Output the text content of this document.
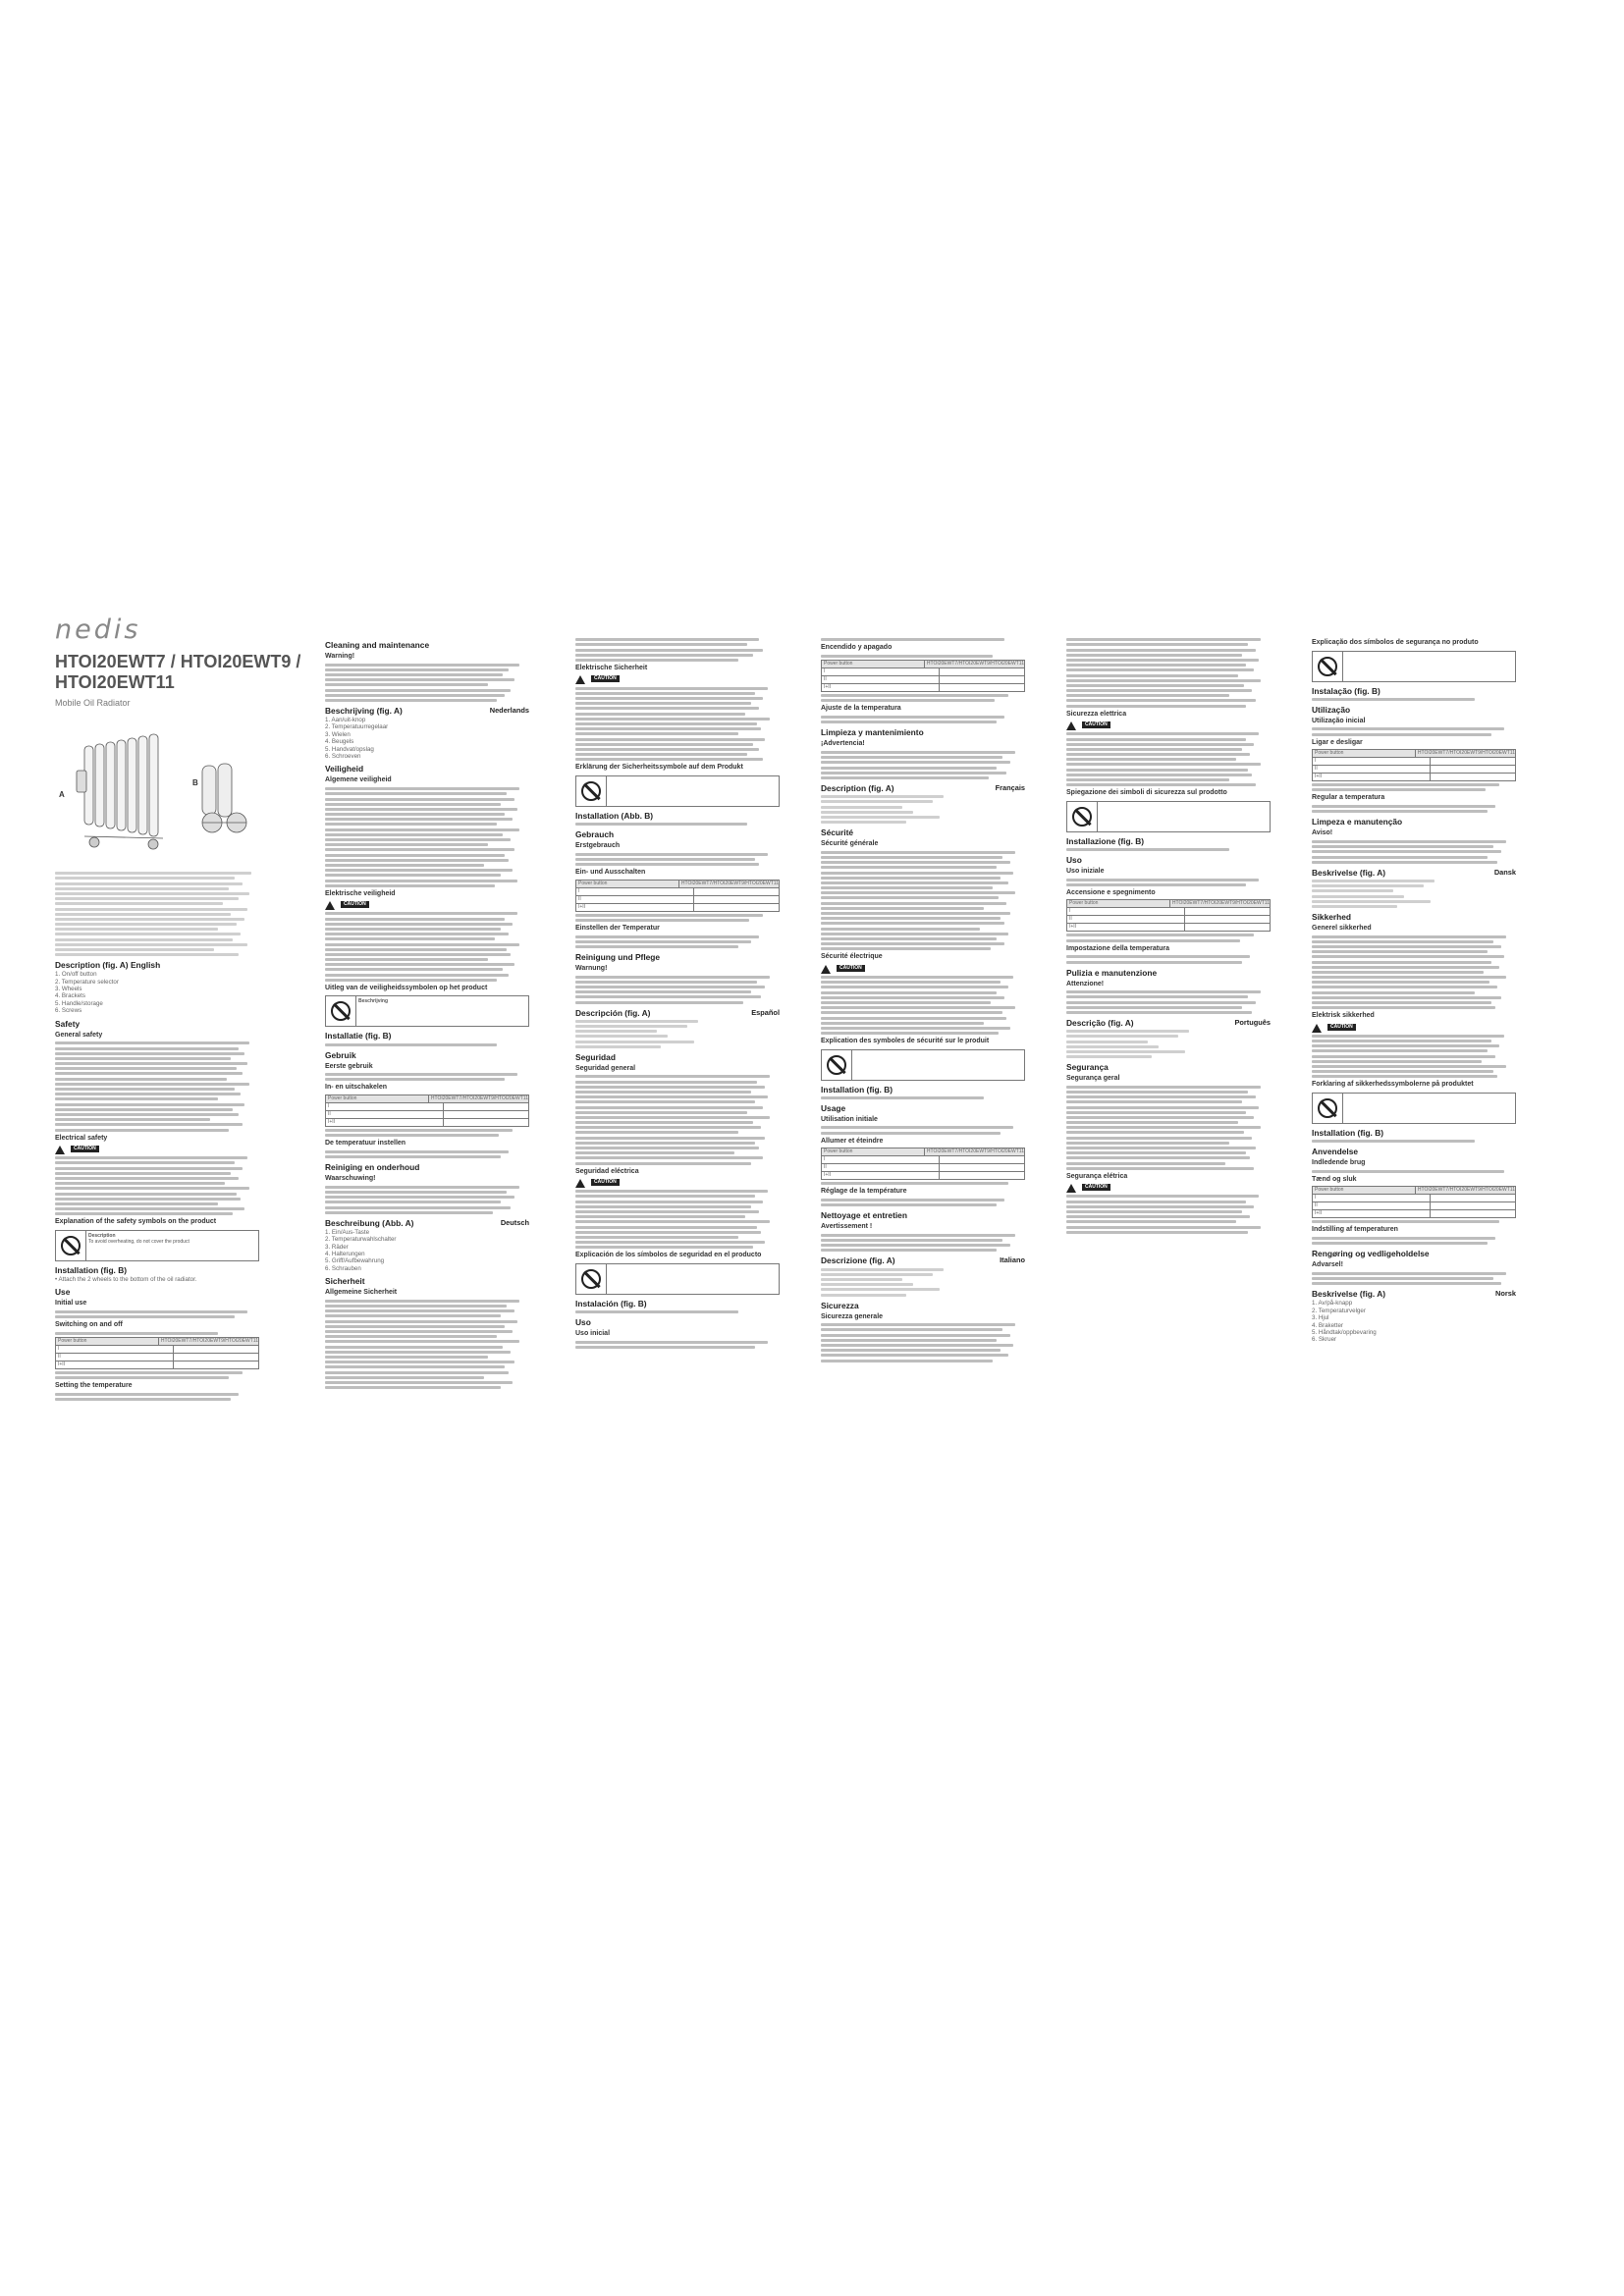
nedis
HTOI20EWT7 / HTOI20EWT9 /
HTOI20EWT11
Mobile Oil Radiator
A
B
Description (fig. A) English
1. On/off button
2. Temperature selector
3. Wheels
4. Brackets
5. Handle/storage
6. Screws
Safety
General safety
Electrical safety
CAUTION
Explanation of the safety symbols on the product
Description
To avoid overheating, do not cover the product
Installation (fig. B)
• Attach the 2 wheels to the bottom of the oil radiator.
Use
Initial use
Switching on and off
Power button	HTOI20EWT7/HTOI20EWT9/HTOI20EWT11
I
II
I+II
Setting the temperature
Cleaning and maintenance
Warning!
Beschrijving (fig. A)	Nederlands
1. Aan/uit-knop
2. Temperatuurregelaar
3. Wielen
4. Beugels
5. Handvat/opslag
6. Schroeven
Veiligheid
Algemene veiligheid
Elektrische veiligheid
CAUTION
Uitleg van de veiligheidssymbolen op het product
Beschrijving
Installatie (fig. B)
Gebruik
Eerste gebruik
In- en uitschakelen
Power button	HTOI20EWT7/HTOI20EWT9/HTOI20EWT11
I
II
I+II
De temperatuur instellen
Reiniging en onderhoud
Waarschuwing!
Beschreibung (Abb. A)	Deutsch
1. Ein/Aus-Taste
2. Temperaturwahlschalter
3. Räder
4. Halterungen
5. Griff/Aufbewahrung
6. Schrauben
Sicherheit
Allgemeine Sicherheit
Elektrische Sicherheit
CAUTION
Erklärung der Sicherheitssymbole auf dem Produkt
Installation (Abb. B)
Gebrauch
Erstgebrauch
Ein- und Ausschalten
Power button	HTOI20EWT7/HTOI20EWT9/HTOI20EWT11
I
II
I+II
Einstellen der Temperatur
Reinigung und Pflege
Warnung!
Descripción (fig. A)	Español
Seguridad
Seguridad general
Seguridad eléctrica
CAUTION
Explicación de los símbolos de seguridad en el producto
Instalación (fig. B)
Uso
Uso inicial
Encendido y apagado
Power button	HTOI20EWT7/HTOI20EWT9/HTOI20EWT11
I
II
I+II
Ajuste de la temperatura
Limpieza y mantenimiento
¡Advertencia!
Description (fig. A)	Français
Sécurité
Sécurité générale
Sécurité électrique
CAUTION
Explication des symboles de sécurité sur le produit
Installation (fig. B)
Usage
Utilisation initiale
Allumer et éteindre
Power button	HTOI20EWT7/HTOI20EWT9/HTOI20EWT11
I
II
I+II
Réglage de la température
Nettoyage et entretien
Avertissement !
Descrizione (fig. A)	Italiano
Sicurezza
Sicurezza generale
Sicurezza elettrica
CAUTION
Spiegazione dei simboli di sicurezza sul prodotto
Installazione (fig. B)
Uso
Uso iniziale
Accensione e spegnimento
Power button	HTOI20EWT7/HTOI20EWT9/HTOI20EWT11
I
II
I+II
Impostazione della temperatura
Pulizia e manutenzione
Attenzione!
Descrição (fig. A)	Português
Segurança
Segurança geral
Segurança elétrica
CAUTION
Explicação dos símbolos de segurança no produto
Instalação (fig. B)
Utilização
Utilização inicial
Ligar e desligar
Power button	HTOI20EWT7/HTOI20EWT9/HTOI20EWT11
I
II
I+II
Regular a temperatura
Limpeza e manutenção
Aviso!
Beskrivelse (fig. A)	Dansk
Sikkerhed
Generel sikkerhed
Elektrisk sikkerhed
CAUTION
Forklaring af sikkerhedssymbolerne på produktet
Installation (fig. B)
Anvendelse
Indledende brug
Tænd og sluk
Power button	HTOI20EWT7/HTOI20EWT9/HTOI20EWT11
I
II
I+II
Indstilling af temperaturen
Rengøring og vedligeholdelse
Advarsel!
Beskrivelse (fig. A)	Norsk
1. Av/på-knapp
2. Temperaturvelger
3. Hjul
4. Braketter
5. Håndtak/oppbevaring
6. Skruer
